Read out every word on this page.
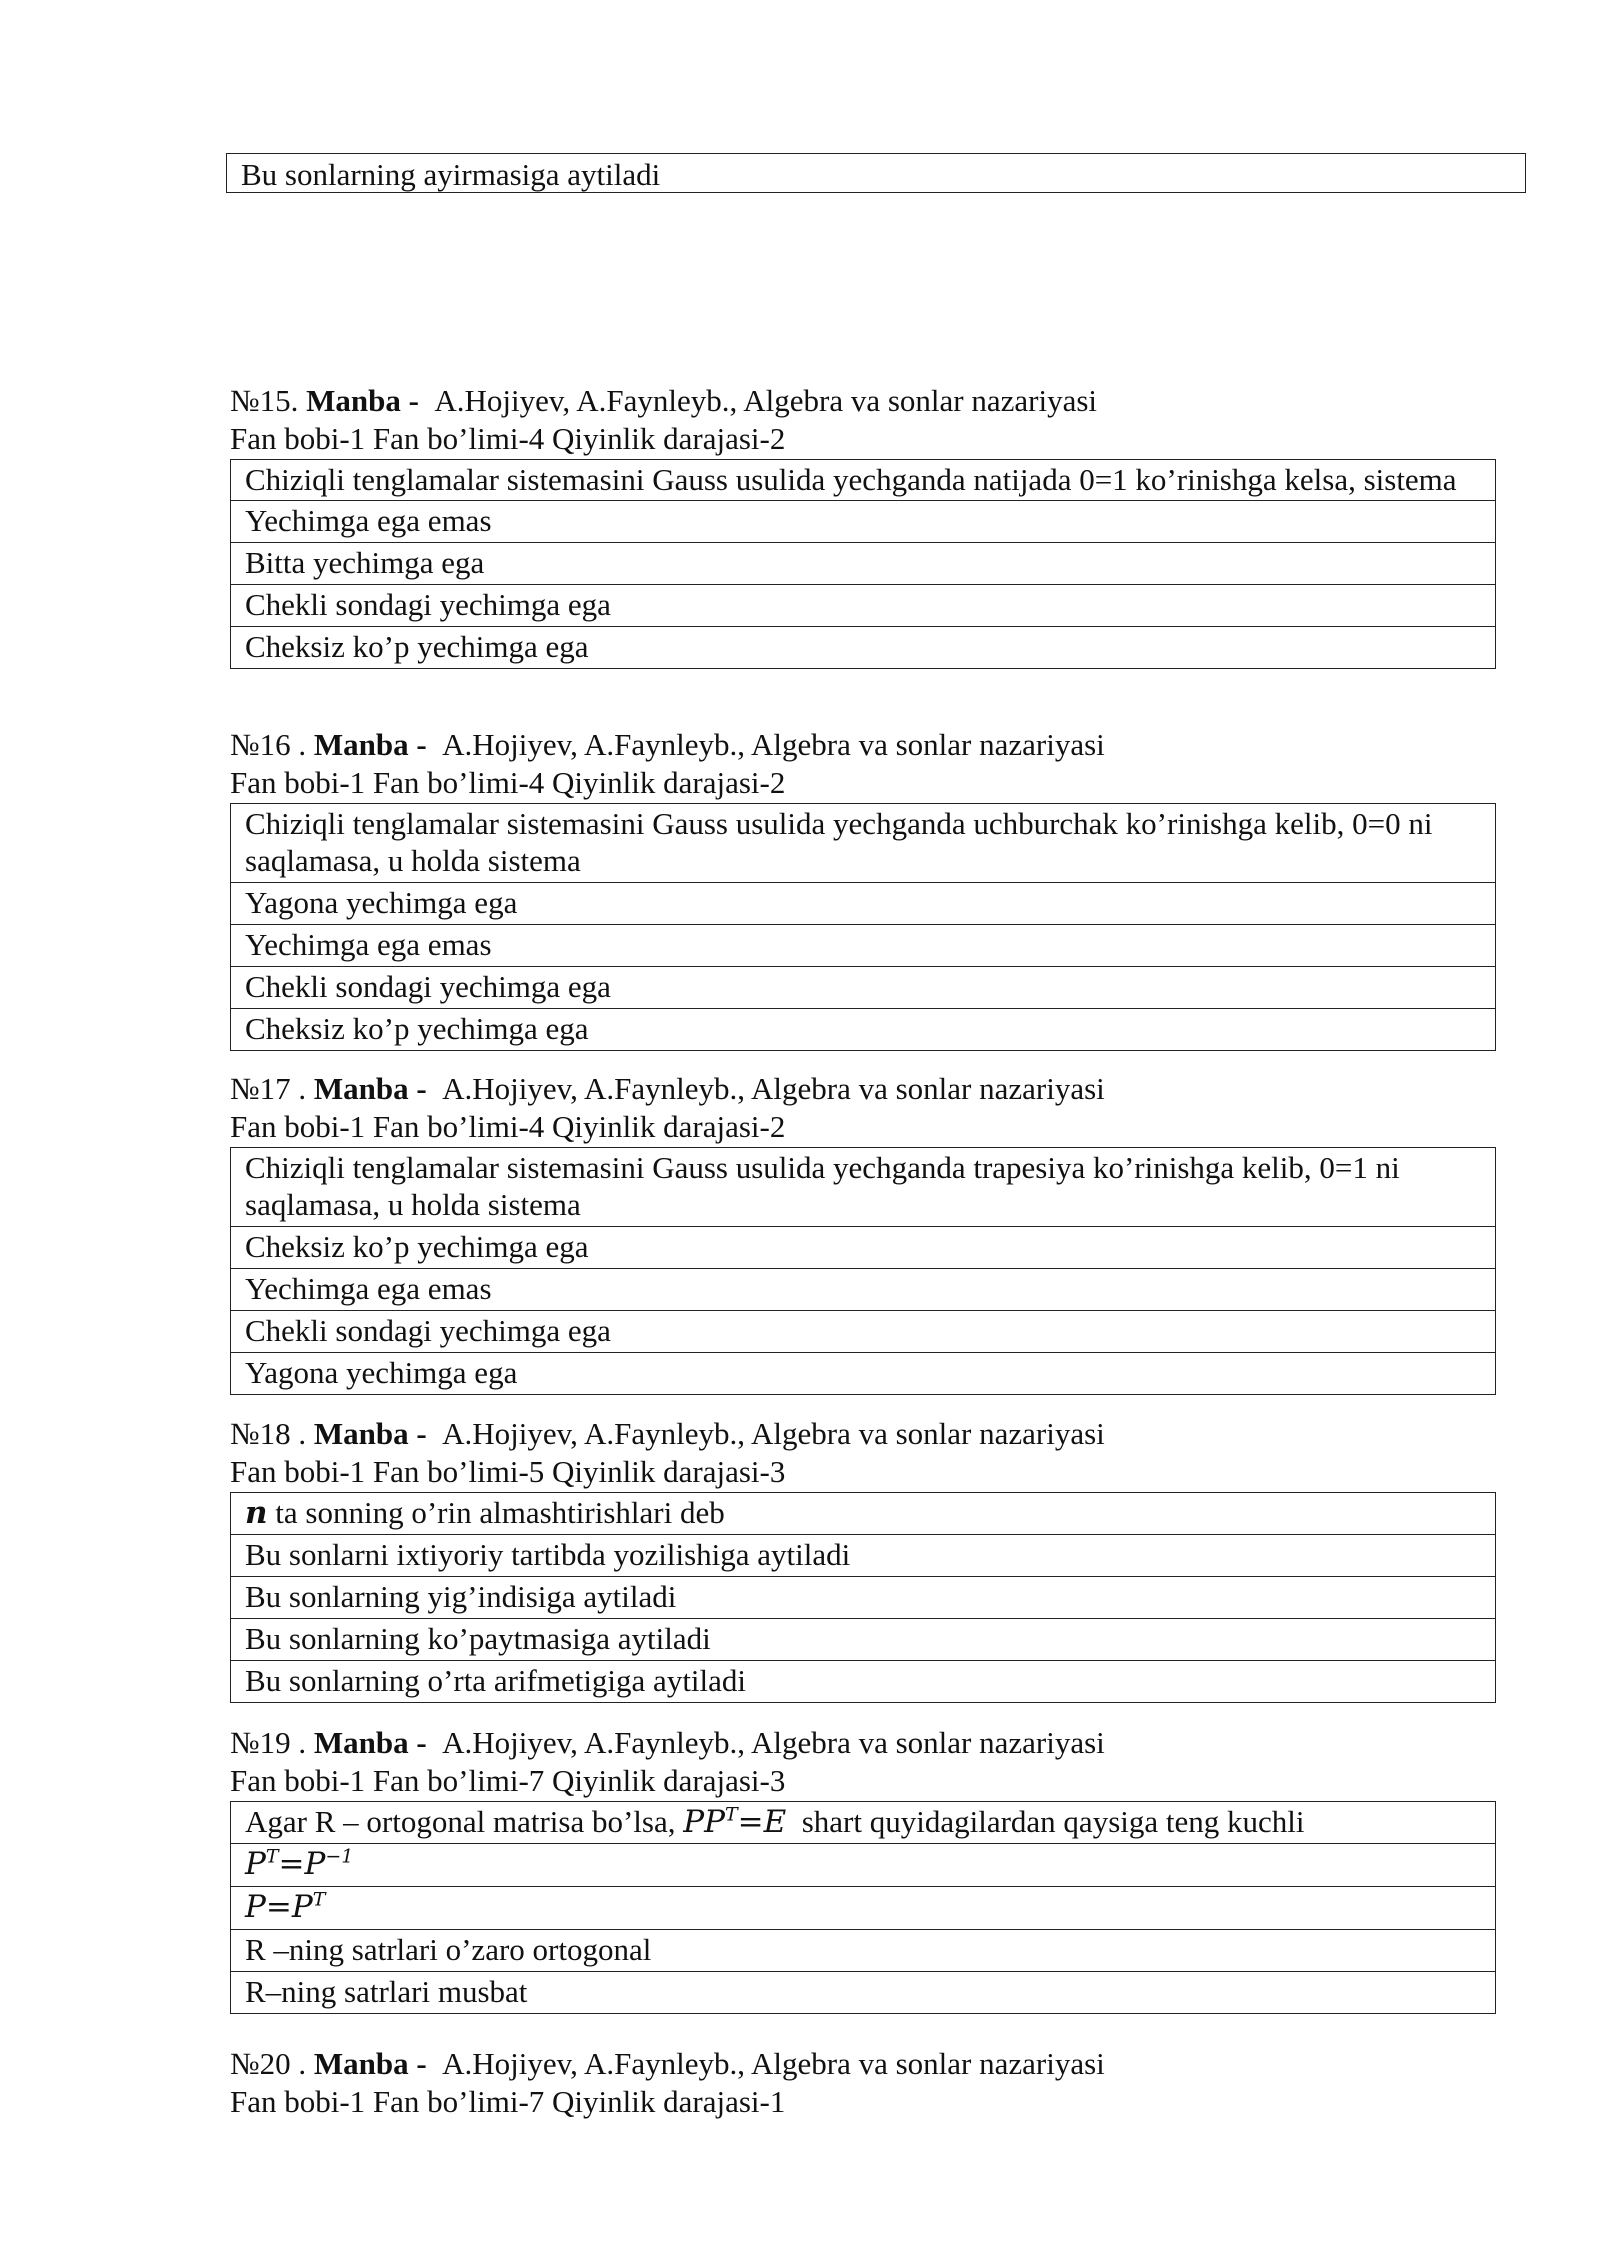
Bu sonlarning ayirmasiga aytiladi

№15. Manba - A.Hojiyev, A.Faynleyb., Algebra va sonlar nazariyasi

Fan bobi-1 Fan bo’limi-4 Qiyinlik darajasi-2

Chiziqli tenglamalar sistemasini Gauss usulida yechganda natijada 0=1 ko’rinishga kelsa, sistema
Yechimga ega emas
Bitta yechimga ega
Chekli sondagi yechimga ega
Cheksiz ko’p yechimga ega

№16 . Manba - A.Hojiyev, A.Faynleyb., Algebra va sonlar nazariyasi

Fan bobi-1 Fan bo’limi-4 Qiyinlik darajasi-2

Chiziqli tenglamalar sistemasini Gauss usulida yechganda uchburchak ko’rinishga kelib, 0=0 ni saqlamasa, u holda sistema
Yagona yechimga ega
Yechimga ega emas
Chekli sondagi yechimga ega
Cheksiz ko’p yechimga ega

№17 . Manba - A.Hojiyev, A.Faynleyb., Algebra va sonlar nazariyasi

Fan bobi-1 Fan bo’limi-4 Qiyinlik darajasi-2

Chiziqli tenglamalar sistemasini Gauss usulida yechganda trapesiya ko’rinishga kelib, 0=1 ni saqlamasa, u holda sistema
Cheksiz ko’p yechimga ega
Yechimga ega emas
Chekli sondagi yechimga ega
Yagona yechimga ega

№18 . Manba - A.Hojiyev, A.Faynleyb., Algebra va sonlar nazariyasi

Fan bobi-1 Fan bo’limi-5 Qiyinlik darajasi-3

n ta sonning o’rin almashtirishlari deb
Bu sonlarni ixtiyoriy tartibda yozilishiga aytiladi
Bu sonlarning yig’indisiga aytiladi
Bu sonlarning ko’paytmasiga aytiladi
Bu sonlarning o’rta arifmetigiga aytiladi

№19 . Manba - A.Hojiyev, A.Faynleyb., Algebra va sonlar nazariyasi

Fan bobi-1 Fan bo’limi-7 Qiyinlik darajasi-3

Agar R – ortogonal matrisa bo’lsa, $PP^T=E$ shart quyidagilardan qaysiga teng kuchli
$P^T=P^{-1}$
$P=P^T$
R –ning satrlari o’zaro ortogonal
R–ning satrlari musbat

№20 . Manba - A.Hojiyev, A.Faynleyb., Algebra va sonlar nazariyasi

Fan bobi-1 Fan bo’limi-7 Qiyinlik darajasi-1
